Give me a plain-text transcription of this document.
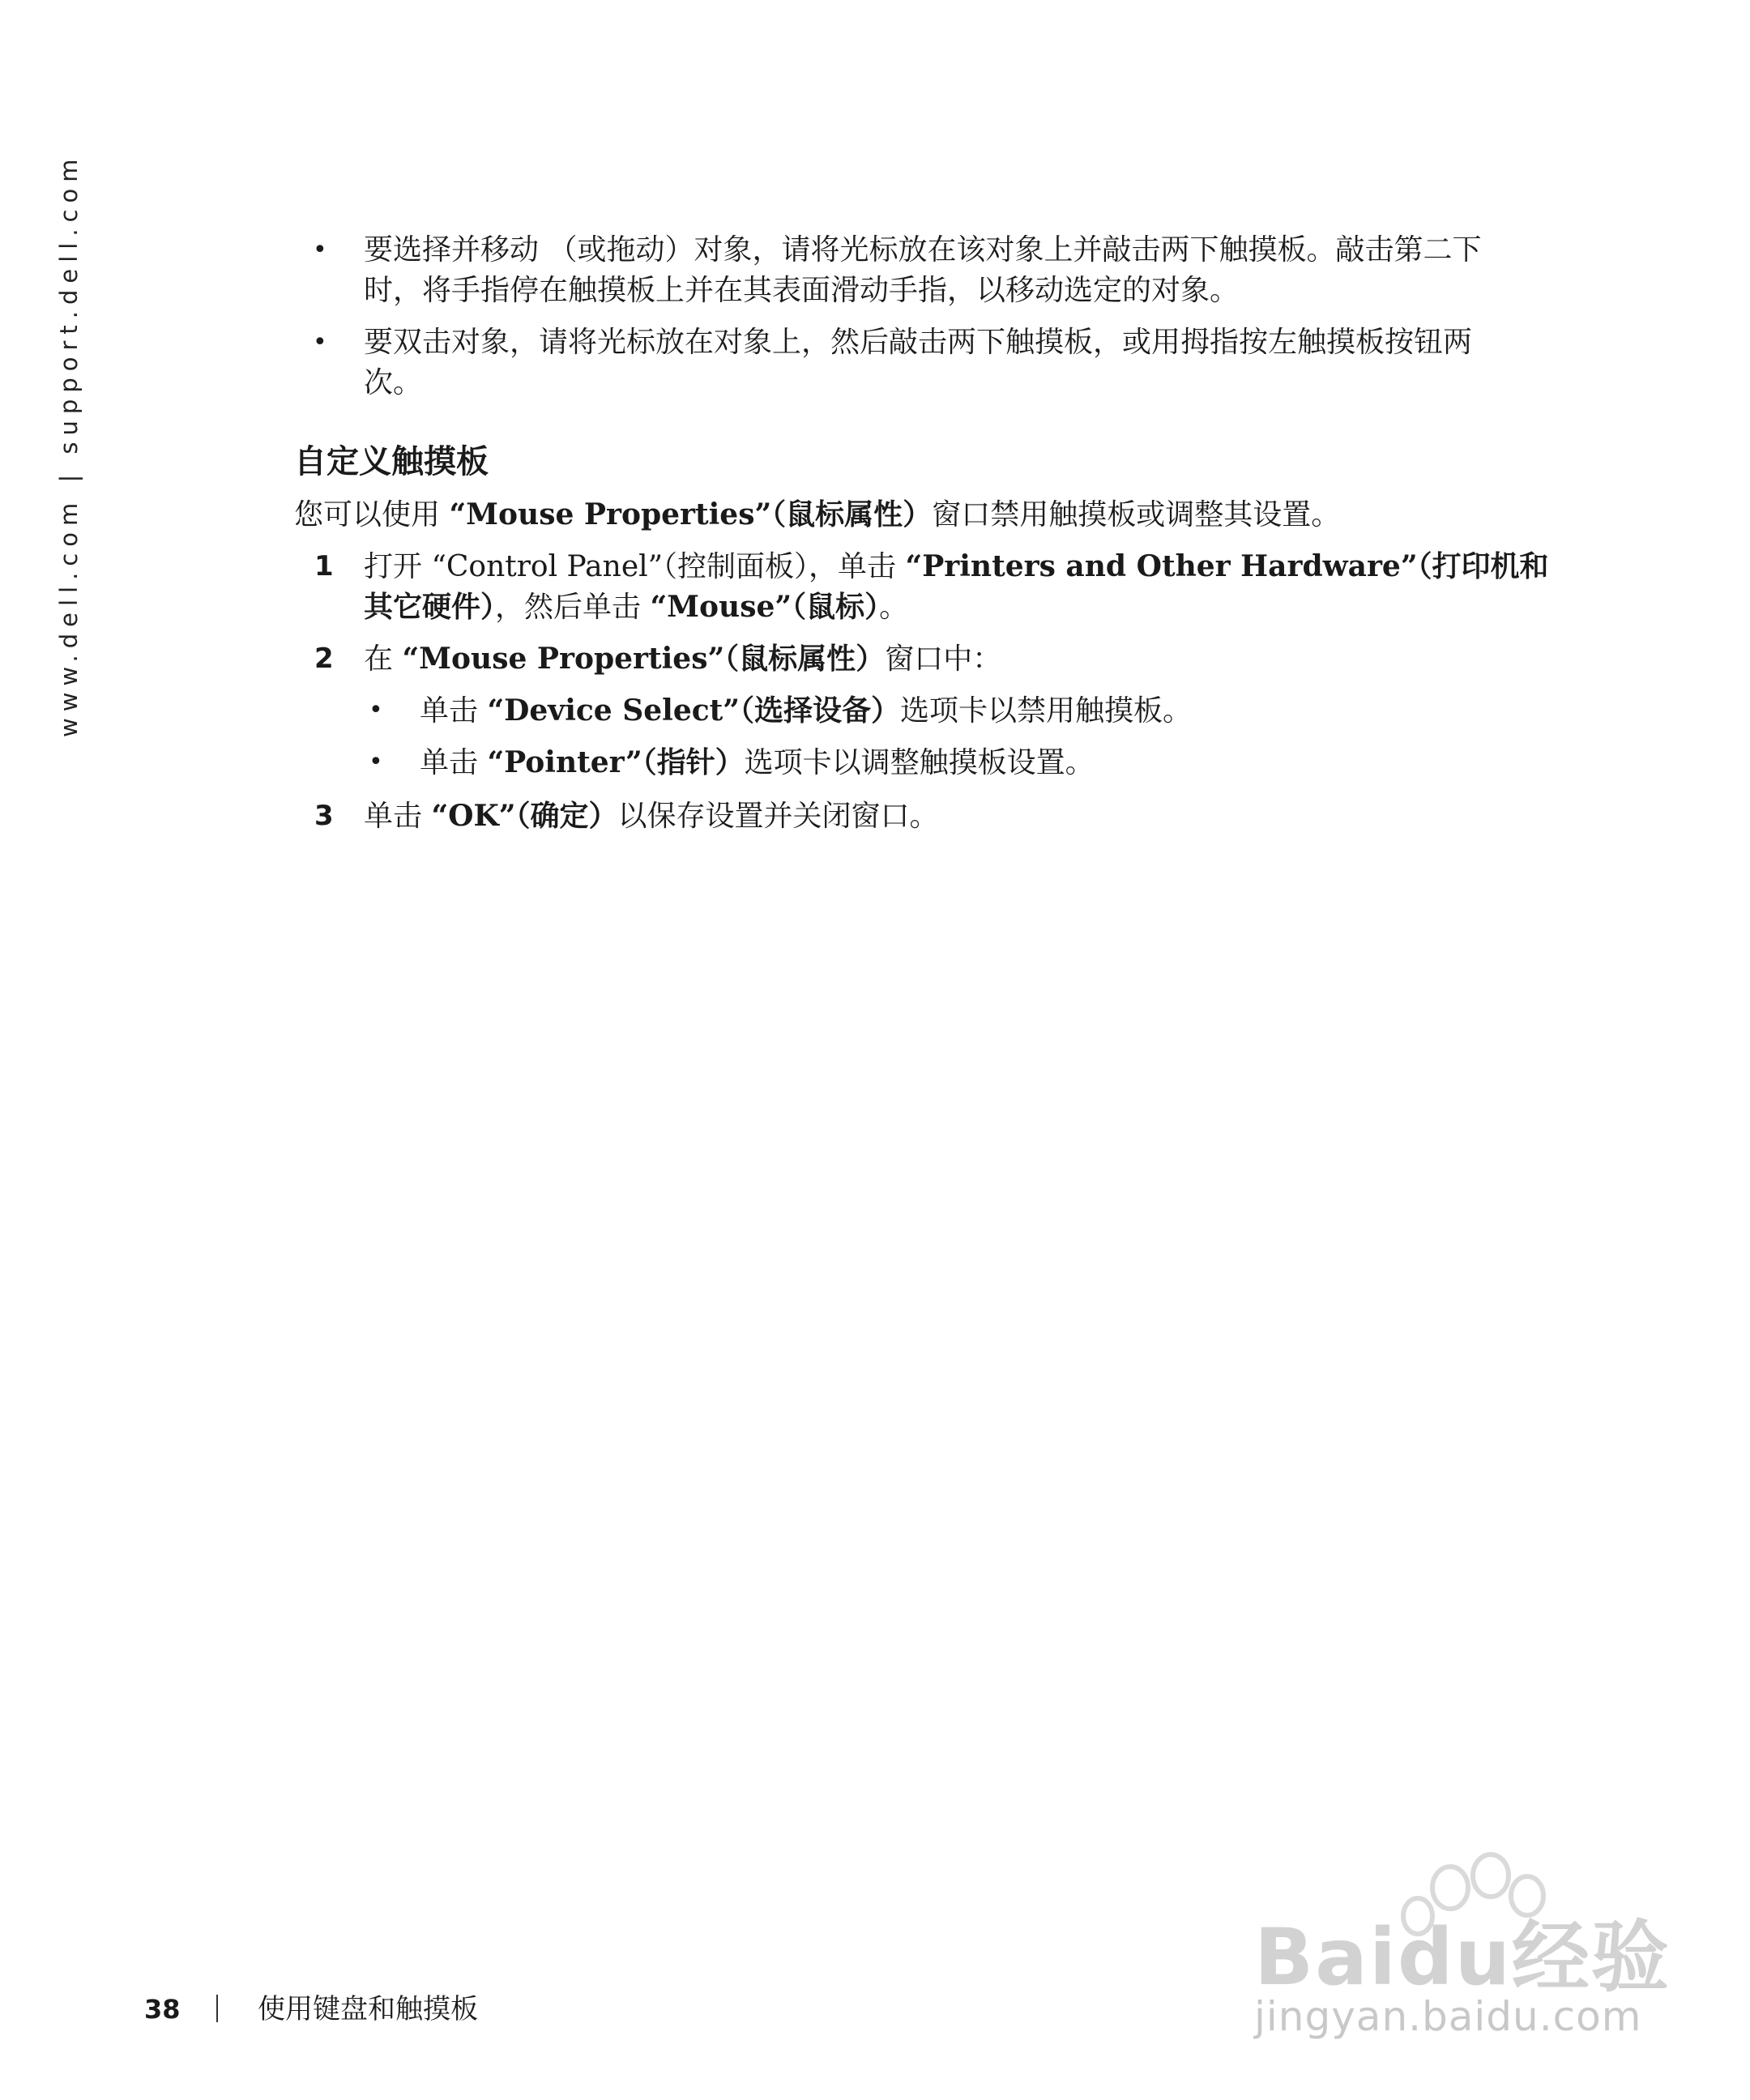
www.dell.com | support.dell.com	• 要选择并移动 （或拖动）对象，请将光标放在该对象上并敲击两下触摸板。敲击第二下
时，将手指停在触摸板上并在其表面滑动手指，以移动选定的对象。
• 要双击对象，请将光标放在对象上，然后敲击两下触摸板，或用拇指按左触摸板按钮两
次。
自定义触摸板
您可以使用 “Mouse Properties”（鼠标属性）窗口禁用触摸板或调整其设置。
1 打开 “Control Panel”（控制面板），单击 “Printers and Other Hardware”（打印机和
其它硬件），然后单击 “Mouse”（鼠标）。
2 在 “Mouse Properties”（鼠标属性）窗口中：
• 单击 “Device Select”（选择设备）选项卡以禁用触摸板。
• 单击 “Pointer”（指针）选项卡以调整触摸板设置。
3 单击 “OK”（确定）以保存设置并关闭窗口。
Baidu经验
jingyan.baidu.com
38	使用键盘和触摸板
